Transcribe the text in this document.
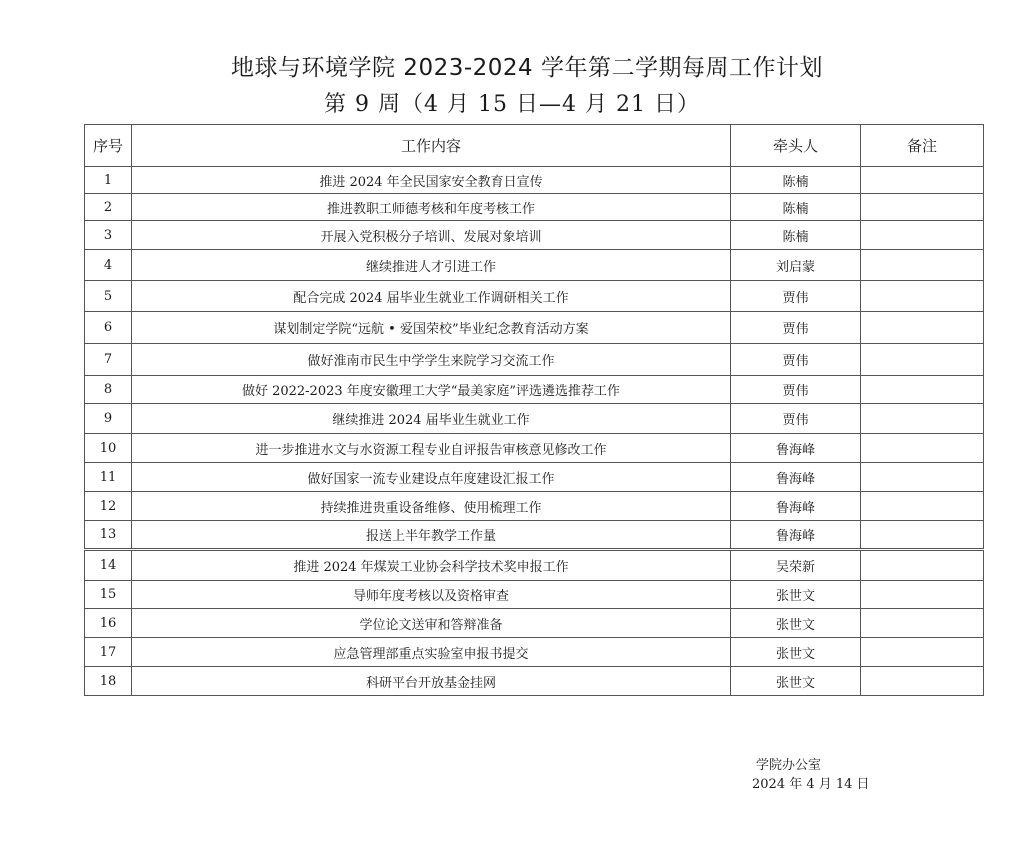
地球与环境学院 2023-2024 学年第二学期每周工作计划
第 9 周（4 月 15 日—4 月 21 日）
序号	工作内容	牵头人	备注
1	推进 2024 年全民国家安全教育日宣传	陈楠	
2	推进教职工师德考核和年度考核工作	陈楠	
3	开展入党积极分子培训、发展对象培训	陈楠	
4	继续推进人才引进工作	刘启蒙	
5	配合完成 2024 届毕业生就业工作调研相关工作	贾伟	
6	谋划制定学院“远航 • 爱国荣校”毕业纪念教育活动方案	贾伟	
7	做好淮南市民生中学学生来院学习交流工作	贾伟	
8	做好 2022-2023 年度安徽理工大学“最美家庭”评选遴选推荐工作	贾伟	
9	继续推进 2024 届毕业生就业工作	贾伟	
10	进一步推进水文与水资源工程专业自评报告审核意见修改工作	鲁海峰	
11	做好国家一流专业建设点年度建设汇报工作	鲁海峰	
12	持续推进贵重设备维修、使用梳理工作	鲁海峰	
13	报送上半年教学工作量	鲁海峰	
14	推进 2024 年煤炭工业协会科学技术奖申报工作	吴荣新	
15	导师年度考核以及资格审查	张世文	
16	学位论文送审和答辩准备	张世文	
17	应急管理部重点实验室申报书提交	张世文	
18	科研平台开放基金挂网	张世文	
学院办公室
2024 年 4 月 14 日
